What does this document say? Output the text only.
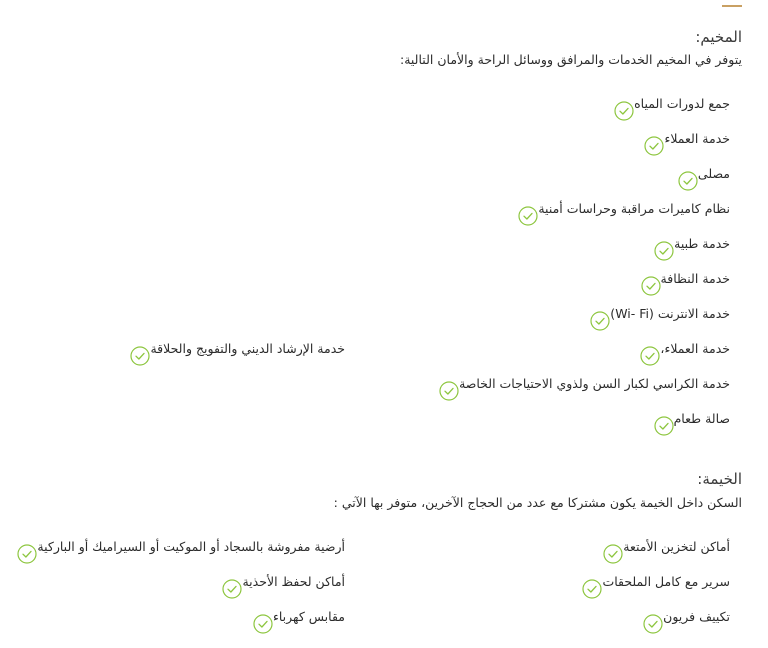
المخيم:
يتوفر في المخيم الخدمات والمرافق ووسائل الراحة والأمان التالية:
جمع لدورات المياه
خدمة العملاء
مصلى
نظام كاميرات مراقبة وحراسات أمنية
خدمة طبية
خدمة النظافة
خدمة الانترنت (Wi- Fi)
خدمة العملاء،
خدمة الكراسي لكبار السن ولذوي الاحتياجات الخاصة
صالة طعام
خدمة الإرشاد الديني والتفويج والحلاقة
الخيمة:
السكن داخل الخيمة يكون مشتركا مع عدد من الحجاج الآخرين، متوفر بها الآتي :
أماكن لتخزين الأمتعة
سرير مع كامل الملحقات
تكييف فريون
أرضية مفروشة بالسجاد أو الموكيت أو السيراميك أو الباركية
أماكن لحفظ الأحذية
مقابس كهرباء
